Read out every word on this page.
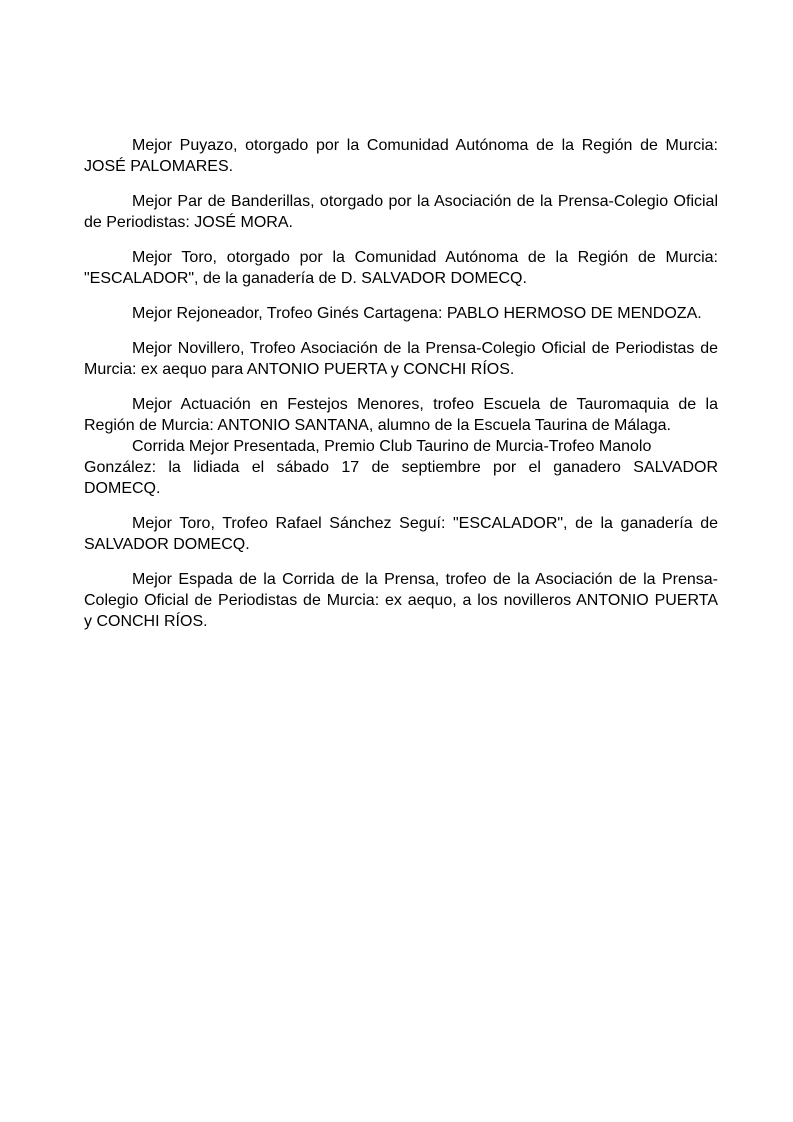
Mejor Puyazo, otorgado por la Comunidad Autónoma de la Región de Murcia:
JOSÉ PALOMARES.
Mejor Par de Banderillas, otorgado por la Asociación de la Prensa-Colegio Oficial
de Periodistas: JOSÉ MORA.
Mejor Toro, otorgado por la Comunidad Autónoma de la Región de Murcia:
"ESCALADOR", de la ganadería de D. SALVADOR DOMECQ.
Mejor Rejoneador, Trofeo Ginés Cartagena: PABLO HERMOSO DE MENDOZA.
Mejor Novillero, Trofeo Asociación de la Prensa-Colegio Oficial de Periodistas de
Murcia: ex aequo para ANTONIO PUERTA y CONCHI RÍOS.
Mejor Actuación en Festejos Menores, trofeo Escuela de Tauromaquia de la
Región de Murcia: ANTONIO SANTANA, alumno de la Escuela Taurina de Málaga.
Corrida Mejor Presentada, Premio Club Taurino de Murcia-Trofeo Manolo
González: la lidiada el sábado 17 de septiembre por el ganadero SALVADOR
DOMECQ.
Mejor Toro, Trofeo Rafael Sánchez Seguí: "ESCALADOR", de la ganadería de
SALVADOR DOMECQ.
Mejor Espada de la Corrida de la Prensa, trofeo de la Asociación de la Prensa-
Colegio Oficial de Periodistas de Murcia: ex aequo, a los novilleros ANTONIO PUERTA
y CONCHI RÍOS.
